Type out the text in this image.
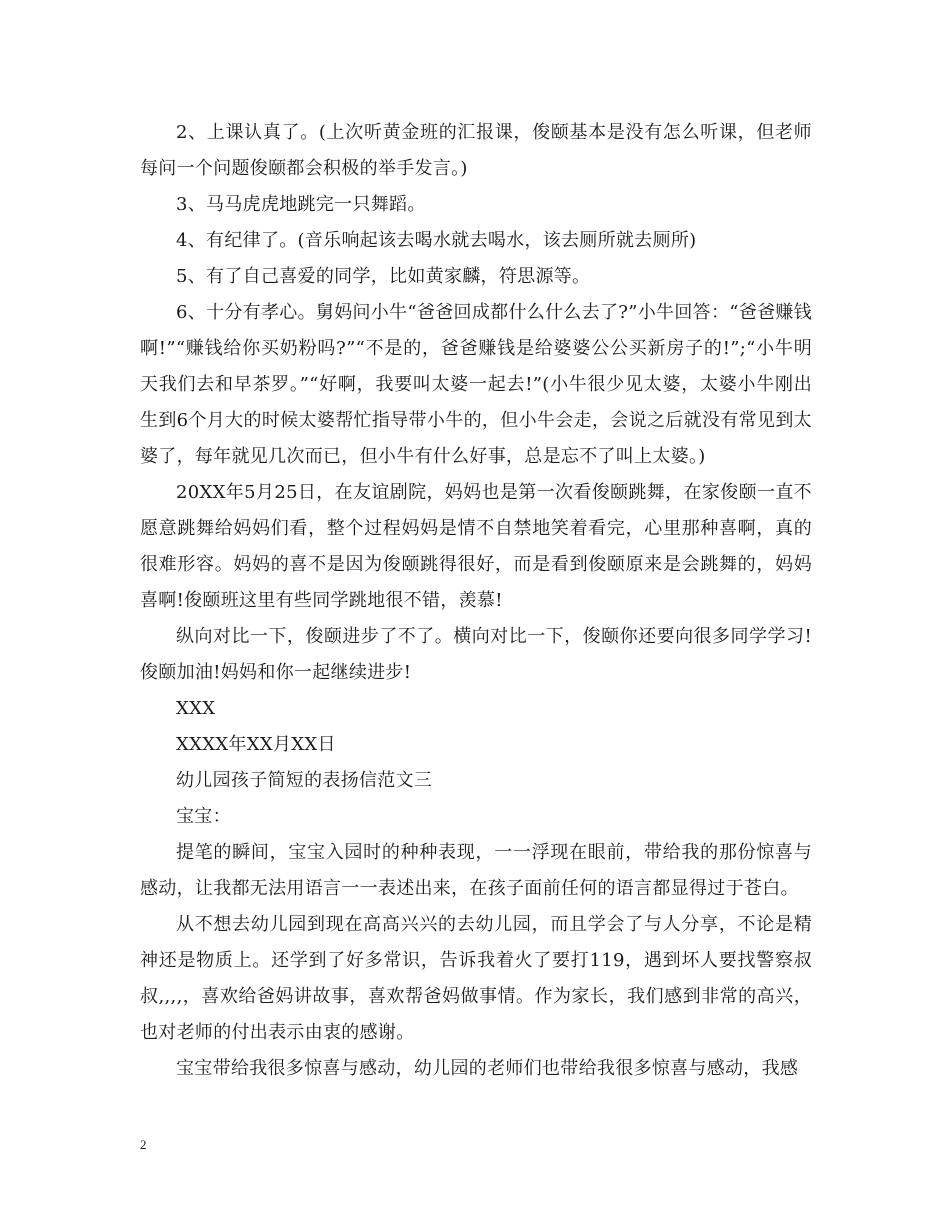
2、上课认真了。(上次听黄金班的汇报课，俊颐基本是没有怎么听课，但老师每问一个问题俊颐都会积极的举手发言。)

3、马马虎虎地跳完一只舞蹈。

4、有纪律了。(音乐响起该去喝水就去喝水，该去厕所就去厕所)

5、有了自己喜爱的同学，比如黄家麟，符思源等。

6、十分有孝心。舅妈问小牛“爸爸回成都什么什么去了?”小牛回答：“爸爸赚钱啊!”“赚钱给你买奶粉吗?”“不是的，爸爸赚钱是给婆婆公公买新房子的!”;“小牛明天我们去和早茶罗。”“好啊，我要叫太婆一起去!”(小牛很少见太婆，太婆小牛刚出生到6个月大的时候太婆帮忙指导带小牛的，但小牛会走，会说之后就没有常见到太婆了，每年就见几次而已，但小牛有什么好事，总是忘不了叫上太婆。)

20XX年5月25日，在友谊剧院，妈妈也是第一次看俊颐跳舞，在家俊颐一直不愿意跳舞给妈妈们看，整个过程妈妈是情不自禁地笑着看完，心里那种喜啊，真的很难形容。妈妈的喜不是因为俊颐跳得很好，而是看到俊颐原来是会跳舞的，妈妈喜啊!俊颐班这里有些同学跳地很不错，羡慕!

纵向对比一下，俊颐进步了不了。横向对比一下，俊颐你还要向很多同学学习!俊颐加油!妈妈和你一起继续进步!

XXX

XXXX年XX月XX日

幼儿园孩子简短的表扬信范文三

宝宝：

提笔的瞬间，宝宝入园时的种种表现，一一浮现在眼前，带给我的那份惊喜与感动，让我都无法用语言一一表述出来，在孩子面前任何的语言都显得过于苍白。

从不想去幼儿园到现在高高兴兴的去幼儿园，而且学会了与人分享，不论是精神还是物质上。还学到了好多常识，告诉我着火了要打119，遇到坏人要找警察叔叔,,,,，喜欢给爸妈讲故事，喜欢帮爸妈做事情。作为家长，我们感到非常的高兴，也对老师的付出表示由衷的感谢。

宝宝带给我很多惊喜与感动，幼儿园的老师们也带给我很多惊喜与感动，我感

2
